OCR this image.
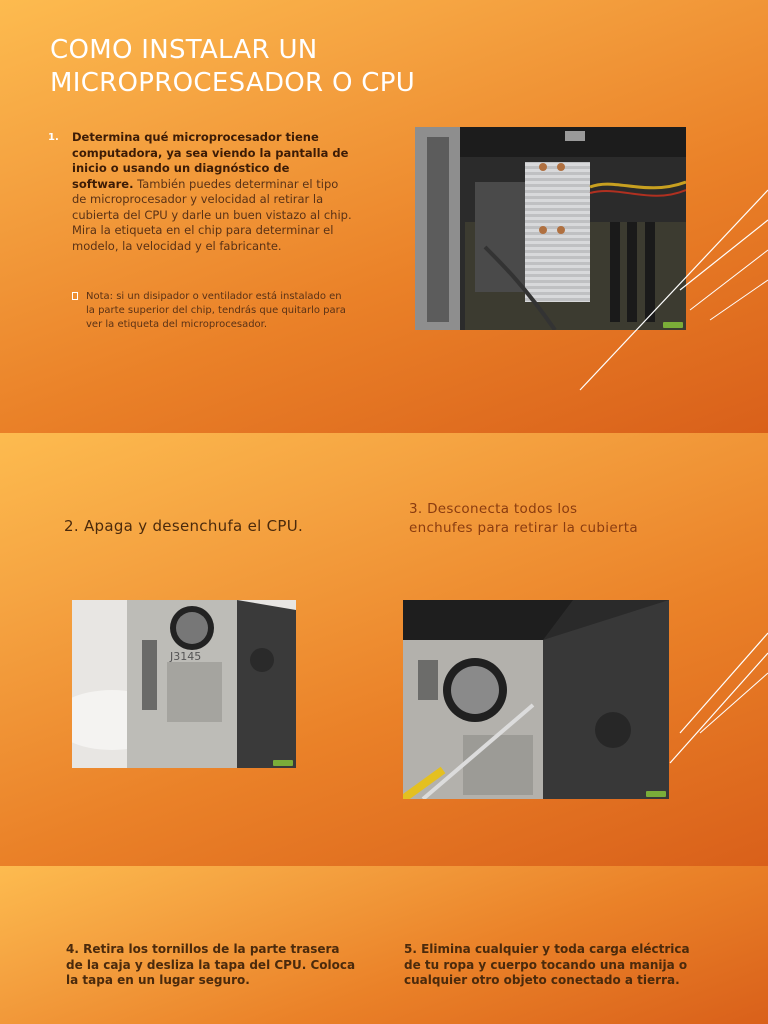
COMO INSTALAR UN MICROPROCESADOR O CPU
1. Determina qué microprocesador tiene computadora, ya sea viendo la pantalla de inicio o usando un diagnóstico de software. También puedes determinar el tipo de microprocesador y velocidad al retirar la cubierta del CPU y darle un buen vistazo al chip. Mira la etiqueta en el chip para determinar el modelo, la velocidad y el fabricante.
Nota: si un disipador o ventilador está instalado en la parte superior del chip, tendrás que quitarlo para ver la etiqueta del microprocesador.
2. Apaga y desenchufa el CPU.
3. Desconecta todos los enchufes para retirar la cubierta
J3145
4. Retira los tornillos de la parte trasera de la caja y desliza la tapa del CPU. Coloca la tapa en un lugar seguro.
5. Elimina cualquier y toda carga eléctrica de tu ropa y cuerpo tocando una manija o cualquier otro objeto conectado a tierra.
